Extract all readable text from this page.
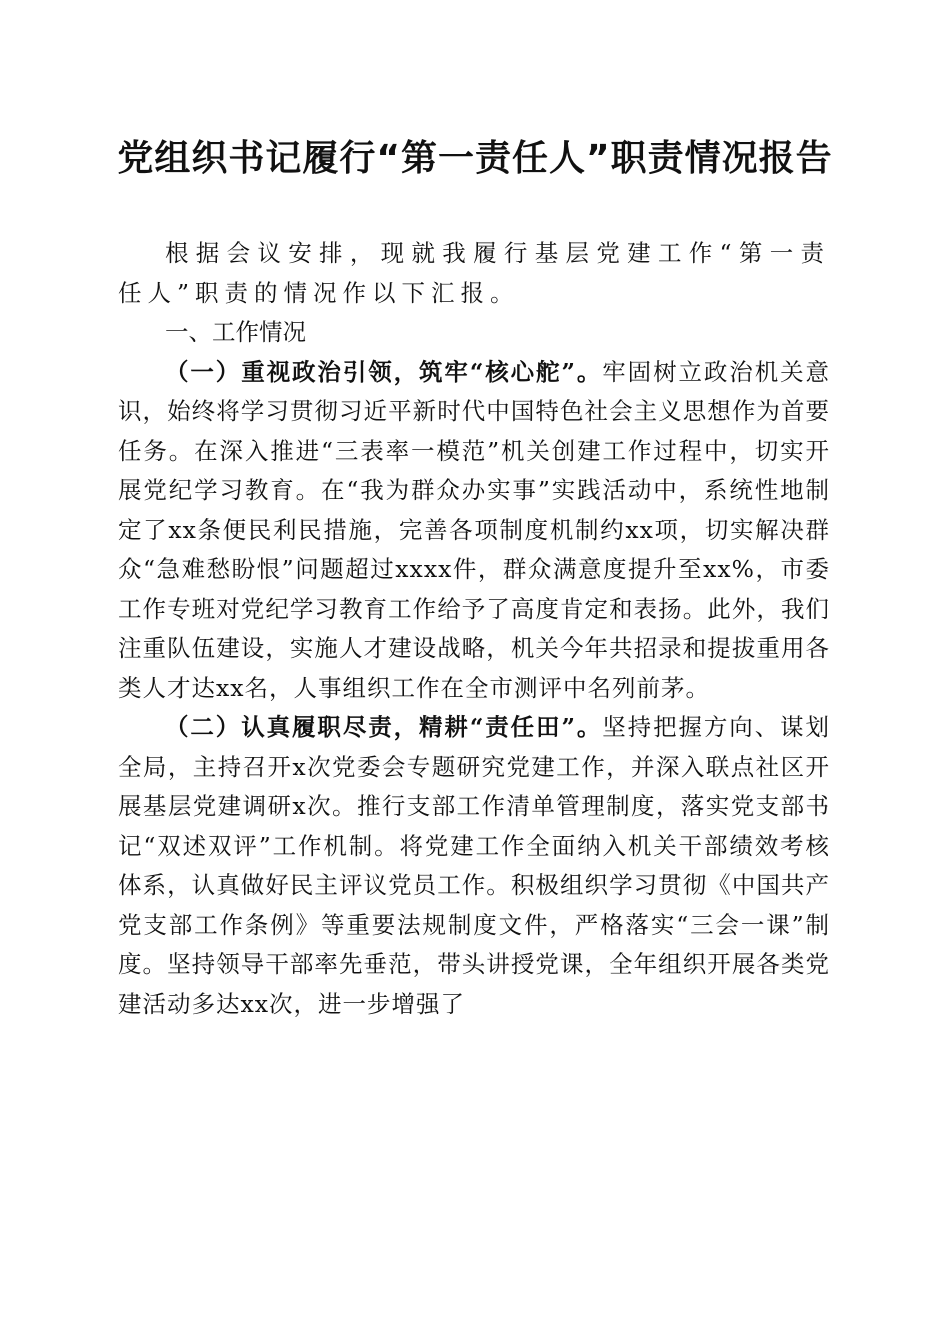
党组织书记履行“第一责任人”职责情况报告

根据会议安排，现就我履行基层党建工作“第一责任人”职责的情况作以下汇报。

一、工作情况

（一）重视政治引领，筑牢“核心舵”。牢固树立政治机关意识，始终将学习贯彻习近平新时代中国特色社会主义思想作为首要任务。在深入推进“三表率一模范”机关创建工作过程中，切实开展党纪学习教育。在“我为群众办实事”实践活动中，系统性地制定了xx条便民利民措施，完善各项制度机制约xx项，切实解决群众“急难愁盼恨”问题超过xxxx件，群众满意度提升至xx%，市委工作专班对党纪学习教育工作给予了高度肯定和表扬。此外，我们注重队伍建设，实施人才建设战略，机关今年共招录和提拔重用各类人才达xx名，人事组织工作在全市测评中名列前茅。

（二）认真履职尽责，精耕“责任田”。坚持把握方向、谋划全局，主持召开x次党委会专题研究党建工作，并深入联点社区开展基层党建调研x次。推行支部工作清单管理制度，落实党支部书记“双述双评”工作机制。将党建工作全面纳入机关干部绩效考核体系，认真做好民主评议党员工作。积极组织学习贯彻《中国共产党支部工作条例》等重要法规制度文件，严格落实“三会一课”制度。坚持领导干部率先垂范，带头讲授党课，全年组织开展各类党建活动多达xx次，进一步增强了
